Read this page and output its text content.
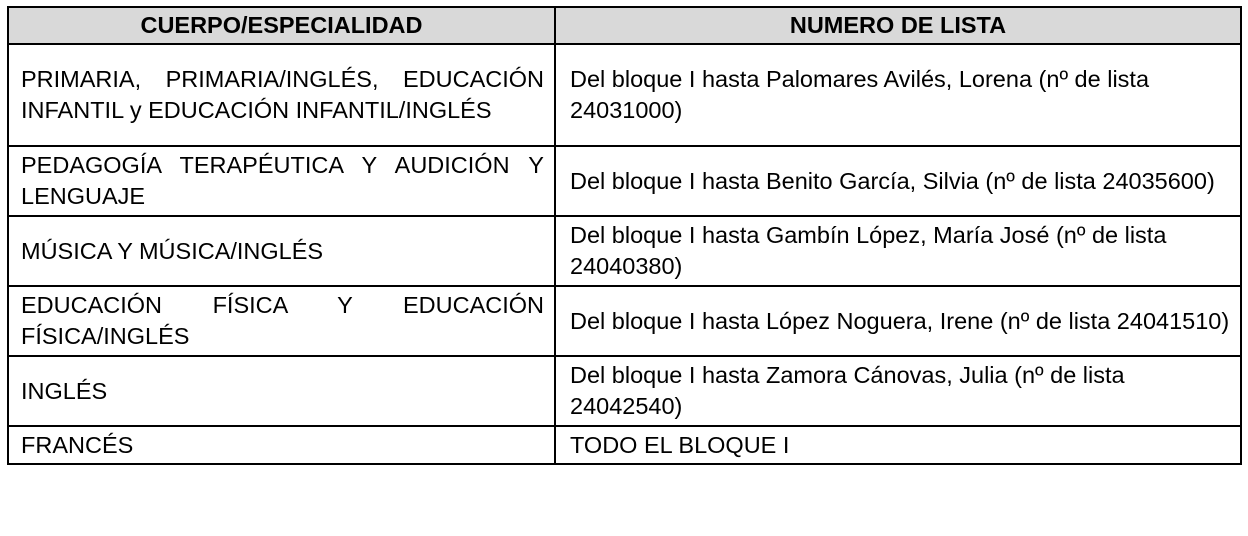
CUERPO/ESPECIALIDAD	NUMERO DE LISTA
PRIMARIA, PRIMARIA/INGLÉS, EDUCACIÓN INFANTIL y EDUCACIÓN INFANTIL/INGLÉS	Del bloque I hasta Palomares Avilés, Lorena (nº de lista 24031000)
PEDAGOGÍA TERAPÉUTICA Y AUDICIÓN Y LENGUAJE	Del bloque I hasta Benito García, Silvia (nº de lista 24035600)
MÚSICA Y MÚSICA/INGLÉS	Del bloque I hasta Gambín López, María José (nº de lista 24040380)
EDUCACIÓN FÍSICA Y EDUCACIÓN FÍSICA/INGLÉS	Del bloque I hasta López Noguera, Irene (nº de lista 24041510)
INGLÉS	Del bloque I hasta Zamora Cánovas, Julia (nº de lista 24042540)
FRANCÉS	TODO EL BLOQUE I
